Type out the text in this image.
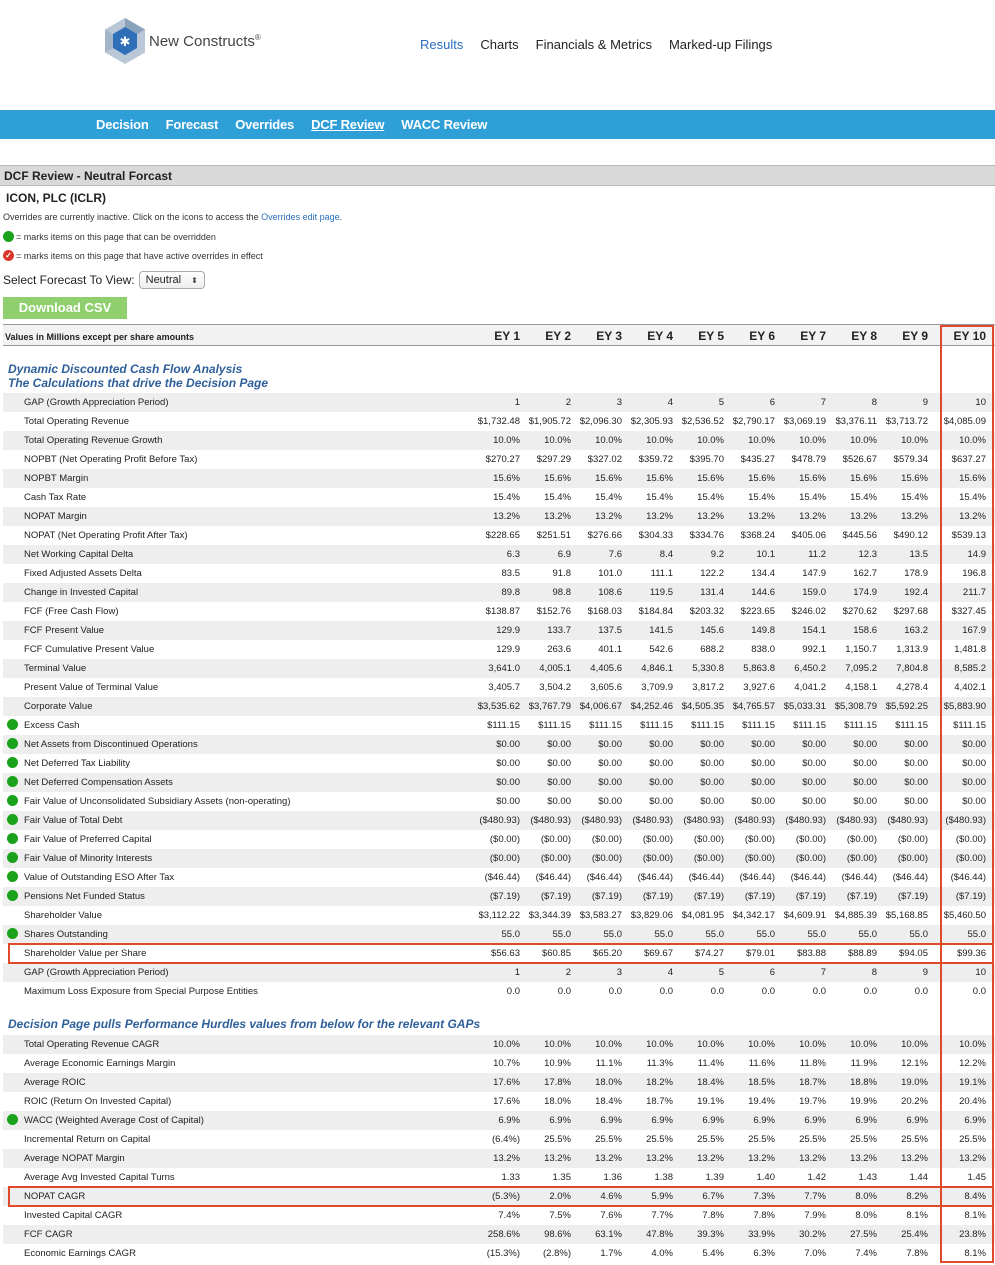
✱ New Constructs®	Results Charts Financials & Metrics Marked-up Filings
Decision Forecast Overrides DCF Review WACC Review
DCF Review - Neutral Forcast
ICON, PLC (ICLR)
Overrides are currently inactive. Click on the icons to access the Overrides edit page.
= marks items on this page that can be overridden
✓ = marks items on this page that have active overrides in effect
Select Forecast To View: Neutral ⬍
Download CSV
Values in Millions except per share amounts	EY 1	EY 2	EY 3	EY 4	EY 5	EY 6	EY 7	EY 8	EY 9	EY 10
Dynamic Discounted Cash Flow Analysis
The Calculations that drive the Decision Page
Decision Page pulls Performance Hurdles values from below for the relevant GAPs
GAP (Growth Appreciation Period)	1	2	3	4	5	6	7	8	9	10
Total Operating Revenue	$1,732.48 $1,905.72 $2,096.30 $2,305.93 $2,536.52 $2,790.17 $3,069.19 $3,376.11 $3,713.72	$4,085.09
Total Operating Revenue Growth	10.0%	10.0%	10.0%	10.0%	10.0%	10.0%	10.0%	10.0%	10.0%	10.0%
NOPBT (Net Operating Profit Before Tax)	$270.27	$297.29	$327.02	$359.72	$395.70	$435.27	$478.79	$526.67	$579.34	$637.27
NOPBT Margin	15.6%	15.6%	15.6%	15.6%	15.6%	15.6%	15.6%	15.6%	15.6%	15.6%
Cash Tax Rate	15.4%	15.4%	15.4%	15.4%	15.4%	15.4%	15.4%	15.4%	15.4%	15.4%
NOPAT Margin	13.2%	13.2%	13.2%	13.2%	13.2%	13.2%	13.2%	13.2%	13.2%	13.2%
NOPAT (Net Operating Profit After Tax)	$228.65	$251.51	$276.66	$304.33	$334.76	$368.24	$405.06	$445.56	$490.12	$539.13
Net Working Capital Delta	6.3	6.9	7.6	8.4	9.2	10.1	11.2	12.3	13.5	14.9
Fixed Adjusted Assets Delta	83.5	91.8	101.0	111.1	122.2	134.4	147.9	162.7	178.9	196.8
Change in Invested Capital	89.8	98.8	108.6	119.5	131.4	144.6	159.0	174.9	192.4	211.7
FCF (Free Cash Flow)	$138.87	$152.76	$168.03	$184.84	$203.32	$223.65	$246.02	$270.62	$297.68	$327.45
FCF Present Value	129.9	133.7	137.5	141.5	145.6	149.8	154.1	158.6	163.2	167.9
FCF Cumulative Present Value	129.9	263.6	401.1	542.6	688.2	838.0	992.1	1,150.7	1,313.9	1,481.8
Terminal Value	3,641.0	4,005.1	4,405.6	4,846.1	5,330.8	5,863.8	6,450.2	7,095.2	7,804.8	8,585.2
Present Value of Terminal Value	3,405.7	3,504.2	3,605.6	3,709.9	3,817.2	3,927.6	4,041.2	4,158.1	4,278.4	4,402.1
Corporate Value	$3,535.62 $3,767.79 $4,006.67 $4,252.46 $4,505.35 $4,765.57 $5,033.31 $5,308.79 $5,592.25	$5,883.90
Excess Cash	$111.15	$111.15	$111.15	$111.15	$111.15	$111.15	$111.15	$111.15	$111.15	$111.15
Net Assets from Discontinued Operations	$0.00	$0.00	$0.00	$0.00	$0.00	$0.00	$0.00	$0.00	$0.00	$0.00
Net Deferred Tax Liability	$0.00	$0.00	$0.00	$0.00	$0.00	$0.00	$0.00	$0.00	$0.00	$0.00
Net Deferred Compensation Assets	$0.00	$0.00	$0.00	$0.00	$0.00	$0.00	$0.00	$0.00	$0.00	$0.00
Fair Value of Unconsolidated Subsidiary Assets (non-operating)	$0.00	$0.00	$0.00	$0.00	$0.00	$0.00	$0.00	$0.00	$0.00	$0.00
Fair Value of Total Debt	($480.93)	($480.93)	($480.93)	($480.93)	($480.93)	($480.93)	($480.93)	($480.93)	($480.93)	($480.93)
Fair Value of Preferred Capital	($0.00)	($0.00)	($0.00)	($0.00)	($0.00)	($0.00)	($0.00)	($0.00)	($0.00)	($0.00)
Fair Value of Minority Interests	($0.00)	($0.00)	($0.00)	($0.00)	($0.00)	($0.00)	($0.00)	($0.00)	($0.00)	($0.00)
Value of Outstanding ESO After Tax	($46.44)	($46.44)	($46.44)	($46.44)	($46.44)	($46.44)	($46.44)	($46.44)	($46.44)	($46.44)
Pensions Net Funded Status	($7.19)	($7.19)	($7.19)	($7.19)	($7.19)	($7.19)	($7.19)	($7.19)	($7.19)	($7.19)
Shareholder Value	$3,112.22 $3,344.39 $3,583.27 $3,829.06 $4,081.95 $4,342.17 $4,609.91 $4,885.39 $5,168.85	$5,460.50
Shares Outstanding	55.0	55.0	55.0	55.0	55.0	55.0	55.0	55.0	55.0	55.0
Shareholder Value per Share	$56.63	$60.85	$65.20	$69.67	$74.27	$79.01	$83.88	$88.89	$94.05	$99.36
GAP (Growth Appreciation Period)	1	2	3	4	5	6	7	8	9	10
Maximum Loss Exposure from Special Purpose Entities	0.0	0.0	0.0	0.0	0.0	0.0	0.0	0.0	0.0	0.0
Total Operating Revenue CAGR	10.0%	10.0%	10.0%	10.0%	10.0%	10.0%	10.0%	10.0%	10.0%	10.0%
Average Economic Earnings Margin	10.7%	10.9%	11.1%	11.3%	11.4%	11.6%	11.8%	11.9%	12.1%	12.2%
Average ROIC	17.6%	17.8%	18.0%	18.2%	18.4%	18.5%	18.7%	18.8%	19.0%	19.1%
ROIC (Return On Invested Capital)	17.6%	18.0%	18.4%	18.7%	19.1%	19.4%	19.7%	19.9%	20.2%	20.4%
WACC (Weighted Average Cost of Capital)	6.9%	6.9%	6.9%	6.9%	6.9%	6.9%	6.9%	6.9%	6.9%	6.9%
Incremental Return on Capital	(6.4%)	25.5%	25.5%	25.5%	25.5%	25.5%	25.5%	25.5%	25.5%	25.5%
Average NOPAT Margin	13.2%	13.2%	13.2%	13.2%	13.2%	13.2%	13.2%	13.2%	13.2%	13.2%
Average Avg Invested Capital Turns	1.33	1.35	1.36	1.38	1.39	1.40	1.42	1.43	1.44	1.45
NOPAT CAGR	(5.3%)	2.0%	4.6%	5.9%	6.7%	7.3%	7.7%	8.0%	8.2%	8.4%
Invested Capital CAGR	7.4%	7.5%	7.6%	7.7%	7.8%	7.8%	7.9%	8.0%	8.1%	8.1%
FCF CAGR	258.6%	98.6%	63.1%	47.8%	39.3%	33.9%	30.2%	27.5%	25.4%	23.8%
Economic Earnings CAGR	(15.3%)	(2.8%)	1.7%	4.0%	5.4%	6.3%	7.0%	7.4%	7.8%	8.1%
